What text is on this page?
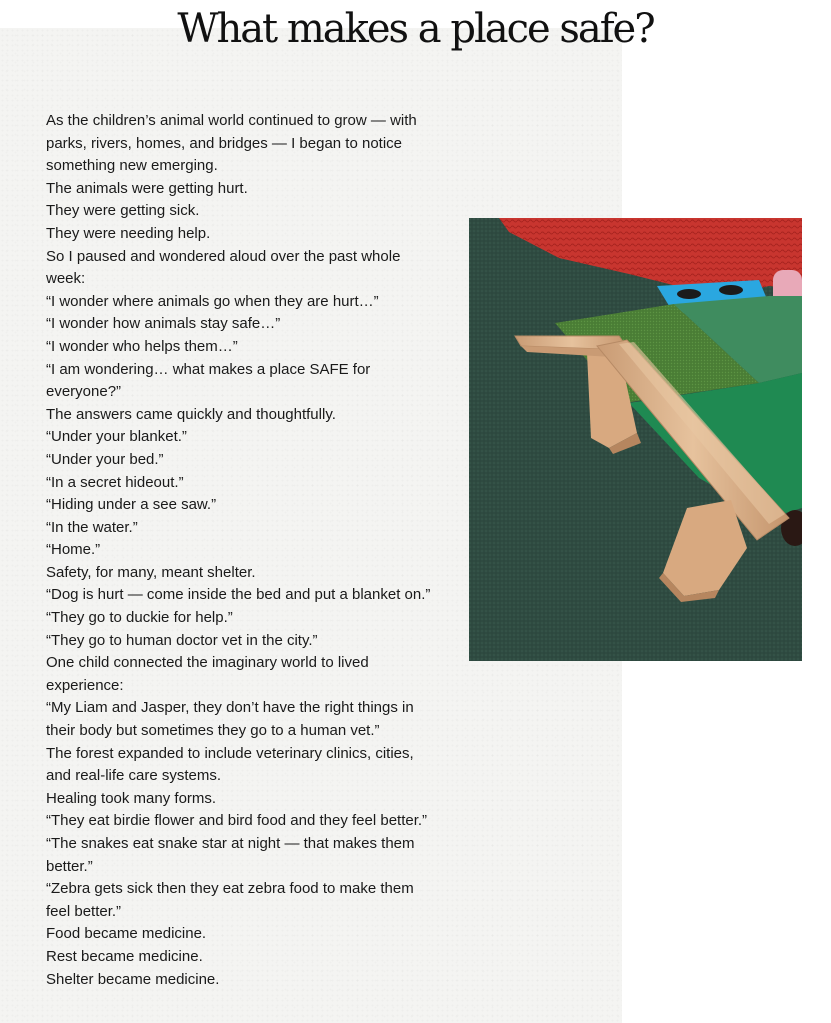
What makes a place safe?
As the children’s animal world continued to grow — with
parks, rivers, homes, and bridges — I began to notice
something new emerging.
The animals were getting hurt.
They were getting sick.
They were needing help.
So I paused and wondered aloud over the past whole
week:
“I wonder where animals go when they are hurt…”
“I wonder how animals stay safe…”
“I wonder who helps them…”
“I am wondering… what makes a place SAFE for
everyone?”
The answers came quickly and thoughtfully.
“Under your blanket.”
“Under your bed.”
“In a secret hideout.”
“Hiding under a see saw.”
“In the water.”
“Home.”
Safety, for many, meant shelter.
“Dog is hurt — come inside the bed and put a blanket on.”
“They go to duckie for help.”
“They go to human doctor vet in the city.”
One child connected the imaginary world to lived
experience:
“My Liam and Jasper, they don’t have the right things in
their body but sometimes they go to a human vet.”
The forest expanded to include veterinary clinics, cities,
and real-life care systems.
Healing took many forms.
“They eat birdie flower and bird food and they feel better.”
“The snakes eat snake star at night — that makes them
better.”
“Zebra gets sick then they eat zebra food to make them
feel better.”
Food became medicine.
Rest became medicine.
Shelter became medicine.
